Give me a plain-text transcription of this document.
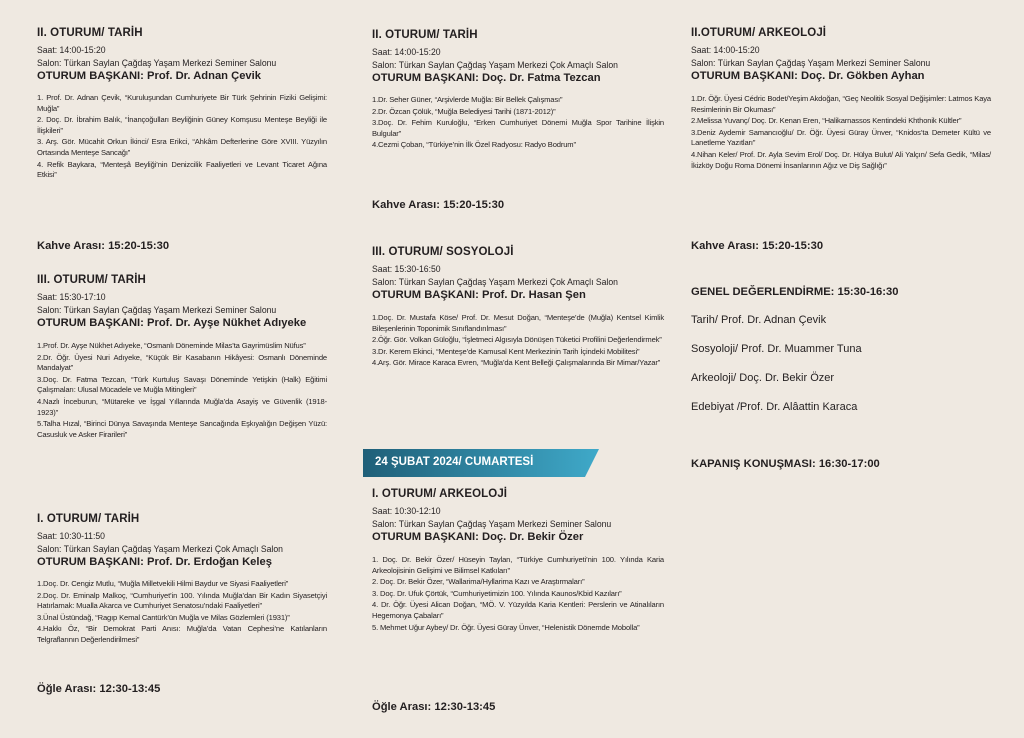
II. OTURUM/ TARİH
Saat: 14:00-15:20
Salon: Türkan Saylan Çağdaş Yaşam Merkezi Seminer Salonu
OTURUM BAŞKANI: Prof. Dr. Adnan Çevik
1. Prof. Dr. Adnan Çevik, “Kuruluşundan Cumhuriyete Bir Türk Şehrinin Fiziki Gelişimi: Muğla”
2. Doç. Dr. İbrahim Balık, “İnançoğulları Beyliğinin Güney Komşusu Menteşe Beyliği ile İlişkileri”
3. Arş. Gör. Mücahit Orkun İkinci/ Esra Erikci, “Ahkâm Defterlerine Göre XVIII. Yüzyılın Ortasında Menteşe Sancağı”
4. Refik Baykara, “Menteşâ Beyliği’nin Denizcilik Faaliyetleri ve Levant Ticaret Ağına Etkisi”
Kahve Arası: 15:20-15:30
III. OTURUM/ TARİH
Saat: 15:30-17:10
Salon: Türkan Saylan Çağdaş Yaşam Merkezi Seminer Salonu
OTURUM BAŞKANI: Prof. Dr. Ayşe Nükhet Adıyeke
1.Prof. Dr. Ayşe Nükhet Adıyeke, “Osmanlı Döneminde Milas’ta Gayrimüslim Nüfus”
2.Dr. Öğr. Üyesi Nuri Adıyeke, “Küçük Bir Kasabanın Hikâyesi: Osmanlı Döneminde Mandalyat”
3.Doç. Dr. Fatma Tezcan, “Türk Kurtuluş Savaşı Döneminde Yetişkin (Halk) Eğitimi Çalışmaları: Ulusal Mücadele ve Muğla Mitingleri”
4.Nazlı İnceburun, “Mütareke ve İşgal Yıllarında Muğla’da Asayiş ve Güvenlik (1918-1923)”
5.Talha Hızal, “Birinci Dünya Savaşında Menteşe Sancağında Eşkıyalığın Değişen Yüzü: Casusluk ve Asker Firarileri”
I. OTURUM/ TARİH
Saat: 10:30-11:50
Salon: Türkan Saylan Çağdaş Yaşam Merkezi Çok Amaçlı Salon
OTURUM BAŞKANI: Prof. Dr. Erdoğan Keleş
1.Doç. Dr. Cengiz Mutlu, “Muğla Milletvekili Hilmi Baydur ve Siyasi Faaliyetleri”
2.Doç. Dr. Eminalp Malkoç, “Cumhuriyet’in 100. Yılında Muğla’dan Bir Kadın Siyasetçiyi Hatırlamak: Mualla Akarca ve Cumhuriyet Senatosu’ndaki Faaliyetleri”
3.Ünal Üstündağ, “Ragıp Kemal Cantürk’ün Muğla ve Milas Gözlemleri (1931)”
4.Hakkı Öz, “Bir Demokrat Parti Anısı: Muğla’da Vatan Cephesi’ne Katılanların Telgraflarının Değerlendirilmesi”
Öğle Arası: 12:30-13:45
II. OTURUM/ TARİH
Saat: 14:00-15:20
Salon: Türkan Saylan Çağdaş Yaşam Merkezi Çok Amaçlı Salon
OTURUM BAŞKANI: Doç. Dr. Fatma Tezcan
1.Dr. Seher Güner, “Arşivlerde Muğla: Bir Bellek Çalışması”
2.Dr. Özcan Çölük, “Muğla Belediyesi Tarihi (1871-2012)”
3.Doç. Dr. Fehim Kuruloğlu, “Erken Cumhuriyet Dönemi Muğla Spor Tarihine İlişkin Bulgular”
4.Cezmi Çoban, “Türkiye’nin İlk Özel Radyosu: Radyo Bodrum”
Kahve Arası: 15:20-15:30
III. OTURUM/ SOSYOLOJİ
Saat: 15:30-16:50
Salon: Türkan Saylan Çağdaş Yaşam Merkezi Çok Amaçlı Salon
OTURUM BAŞKANI: Prof. Dr. Hasan Şen
1.Doç. Dr. Mustafa Köse/ Prof. Dr. Mesut Doğan, “Menteşe’de (Muğla) Kentsel Kimlik Bileşenlerinin Toponimik Sınıflandırılması”
2.Öğr. Gör. Volkan Güloğlu, “İşletmeci Algısıyla Dönüşen Tüketici Profilini Değerlendirmek”
3.Dr. Kerem Ekinci, “Menteşe’de Kamusal Kent Merkezinin Tarih İçindeki Mobilitesi”
4.Arş. Gör. Mirace Karaca Evren, “Muğla’da Kent Belleği Çalışmalarında Bir Mimar/Yazar”
I. OTURUM/ ARKEOLOJİ
Saat: 10:30-12:10
Salon: Türkan Saylan Çağdaş Yaşam Merkezi Seminer Salonu
OTURUM BAŞKANI: Doç. Dr. Bekir Özer
1. Doç. Dr. Bekir Özer/ Hüseyin Taylan, “Türkiye Cumhuriyeti’nin 100. Yılında Karia Arkeolojisinin Gelişimi ve Bilimsel Katkıları”
2. Doç. Dr. Bekir Özer, “Wallarima/Hyllarima Kazı ve Araştırmaları”
3. Doç. Dr. Ufuk Çörtük, “Cumhuriyetimizin 100. Yılında Kaunos/Kbid Kazıları”
4. Dr. Öğr. Üyesi Alican Doğan, “MÖ. V. Yüzyılda Karia Kentleri: Perslerin ve Atinalıların Hegemonya Çabaları”
5. Mehmet Uğur Aybey/ Dr. Öğr. Üyesi Güray Ünver, “Helenistik Dönemde Mobolla”
Öğle Arası: 12:30-13:45
24 ŞUBAT 2024/ CUMARTESİ
II.OTURUM/ ARKEOLOJİ
Saat: 14:00-15:20
Salon: Türkan Saylan Çağdaş Yaşam Merkezi Seminer Salonu
OTURUM BAŞKANI: Doç. Dr. Gökben Ayhan
1.Dr. Öğr. Üyesi Cédric Bodet/Yeşim Akdoğan, “Geç Neolitik Sosyal Değişimler: Latmos Kaya Resimlerinin Bir Okuması”
2.Melissa Yuvanç/ Doç. Dr. Kenan Eren, “Halikarnassos Kentindeki Khthonik Kültler”
3.Deniz Aydemir Samancıoğlu/ Dr. Öğr. Üyesi Güray Ünver, “Knidos’ta Demeter Kültü ve Lanetleme Yazıtları”
4.Nihan Keler/ Prof. Dr. Ayla Sevim Erol/ Doç. Dr. Hülya Bulut/ Ali Yalçın/ Sefa Gedik, “Milas/ İkizköy Doğu Roma Dönemi İnsanlarının Ağız ve Diş Sağlığı”
Kahve Arası: 15:20-15:30
GENEL DEĞERLENDİRME: 15:30-16:30
Tarih/ Prof. Dr. Adnan Çevik
Sosyoloji/ Prof. Dr. Muammer Tuna
Arkeoloji/ Doç. Dr. Bekir Özer
Edebiyat /Prof. Dr. Alâattin Karaca
KAPANIŞ KONUŞMASI: 16:30-17:00
